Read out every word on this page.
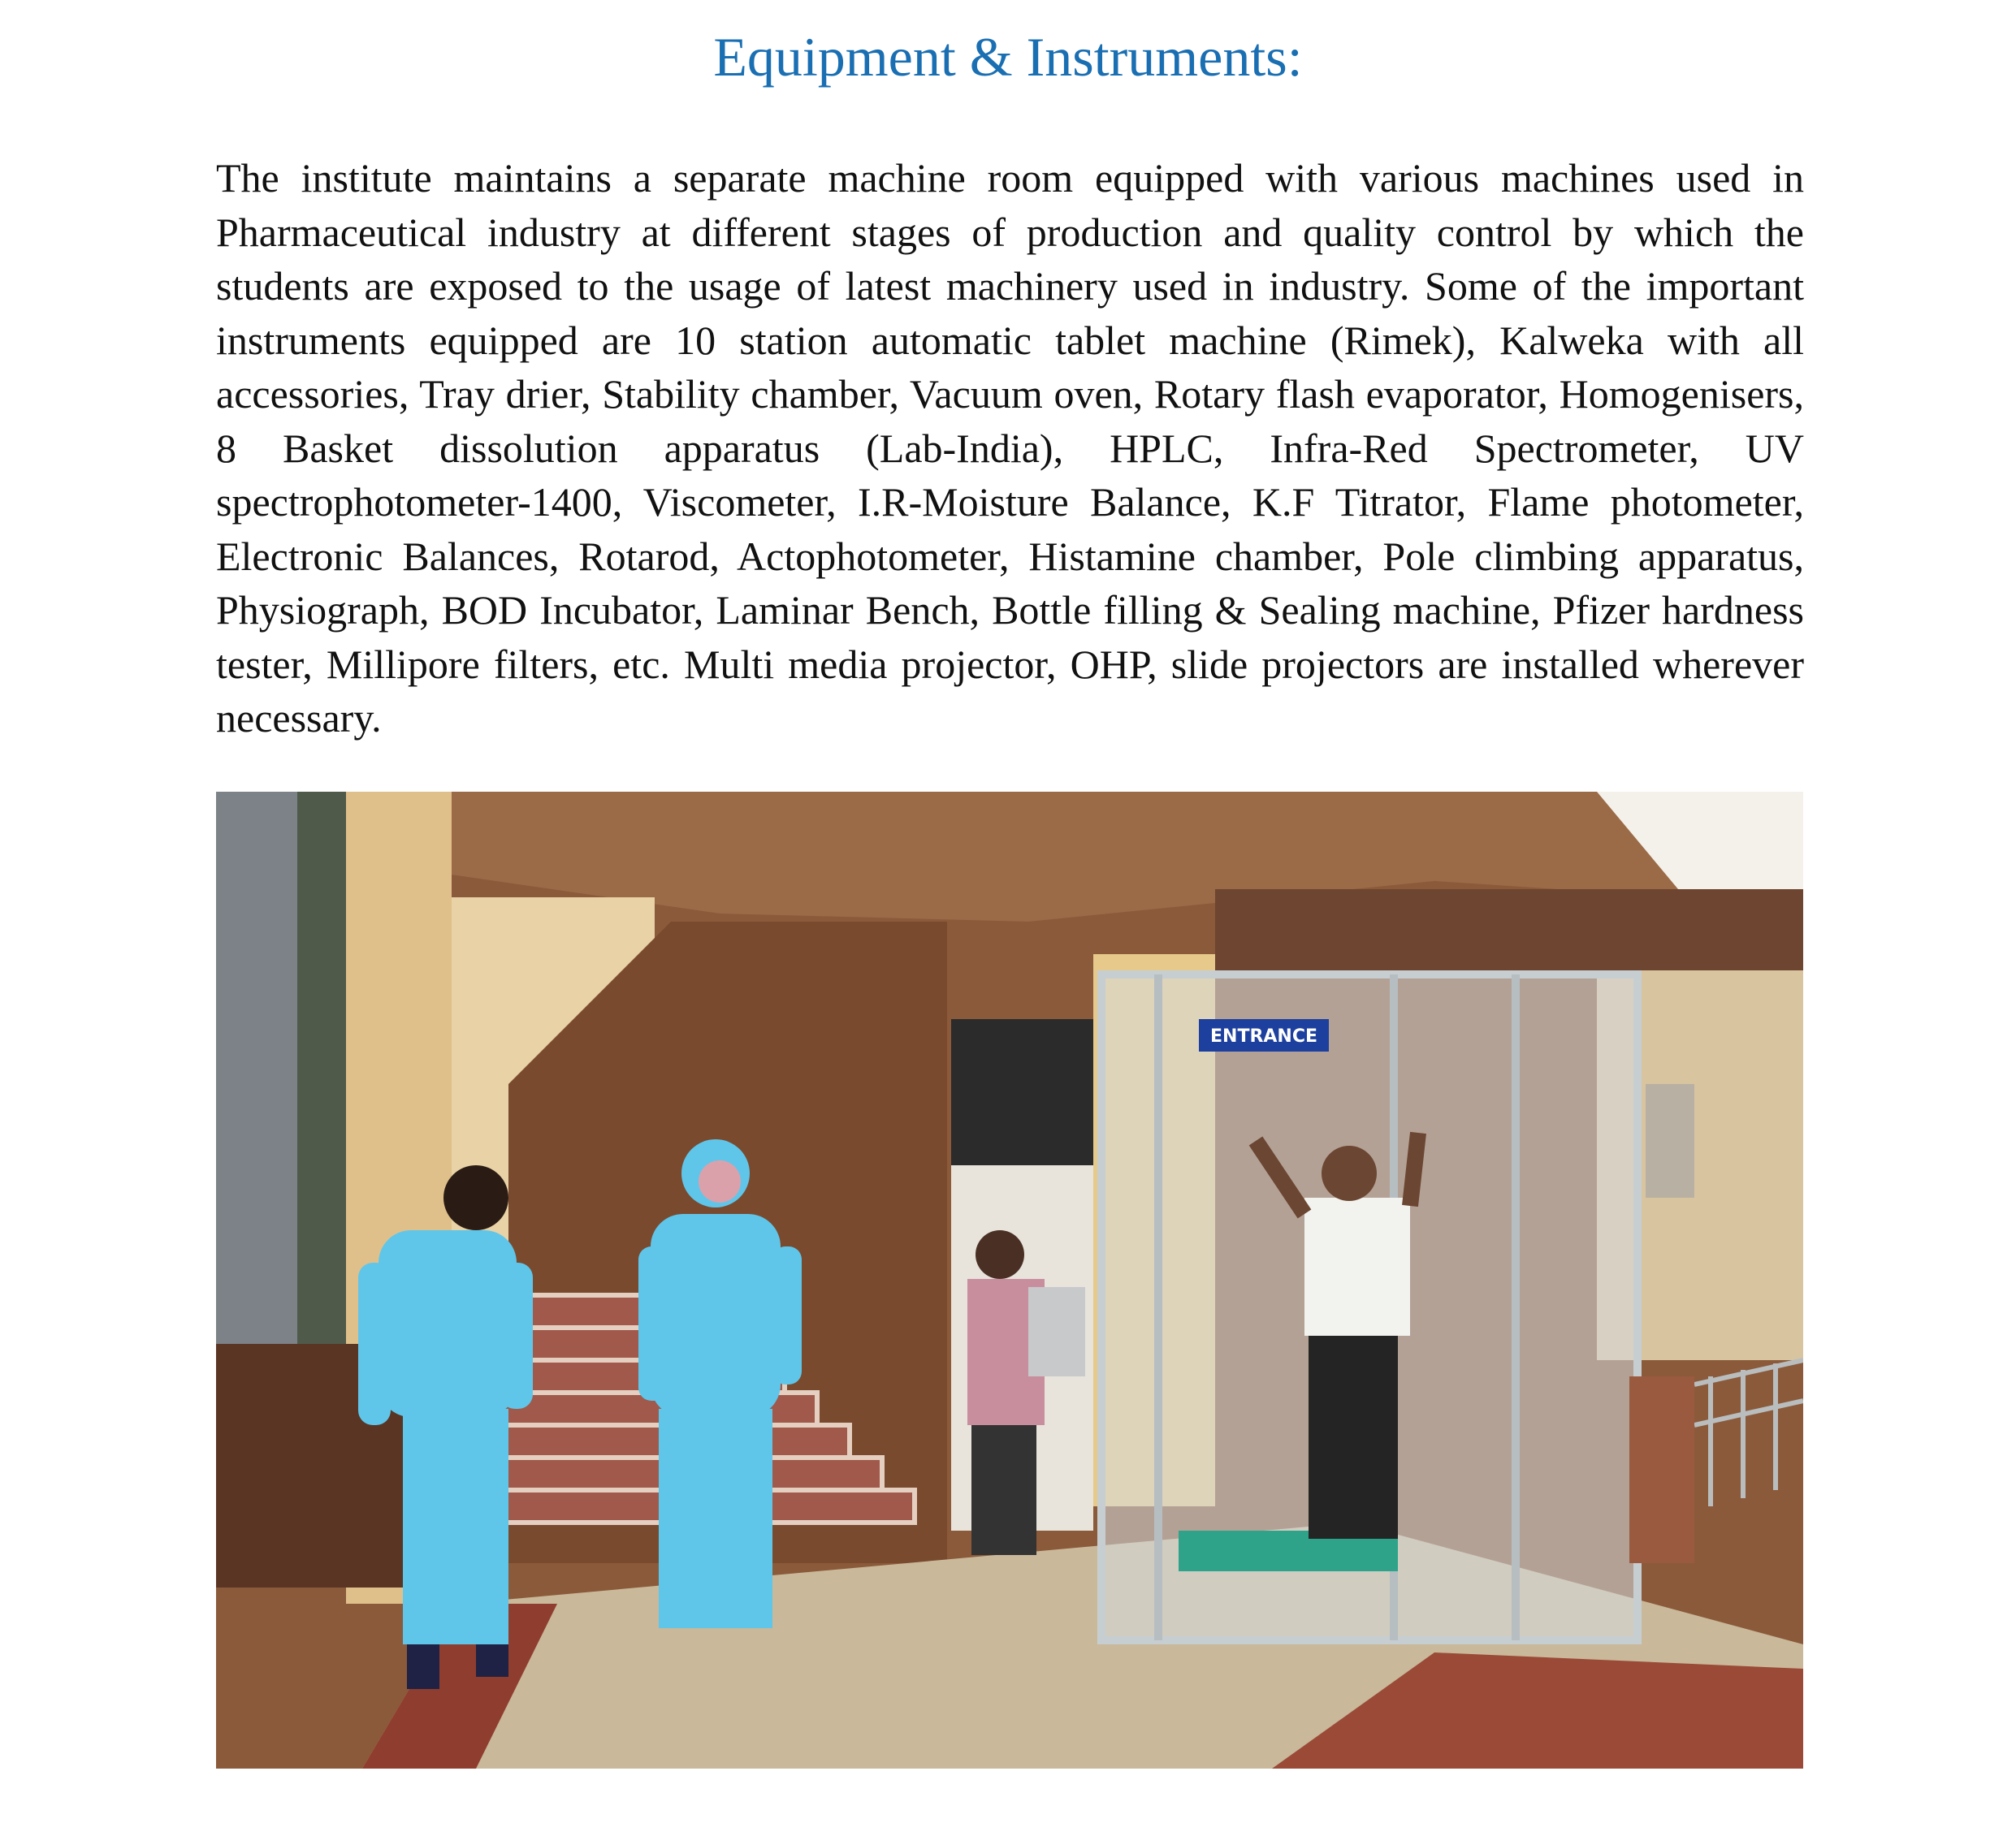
Equipment & Instruments:

The institute maintains a separate machine room equipped with various machines used in Pharmaceutical industry at different stages of production and quality control by which the students are exposed to the usage of latest machinery used in industry. Some of the important instruments equipped are 10 station automatic tablet machine (Rimek), Kalweka with all accessories, Tray drier, Stability chamber, Vacuum oven, Rotary flash evaporator, Homogenisers, 8 Basket dissolution apparatus (Lab-India), HPLC, Infra-Red Spectrometer, UV spectrophotometer-1400, Viscometer, I.R-Moisture Balance, K.F Titrator, Flame photometer, Electronic Balances, Rotarod, Actophotometer, Histamine chamber, Pole climbing apparatus, Physiograph, BOD Incubator, Laminar Bench, Bottle filling & Sealing machine, Pfizer hardness tester, Millipore filters, etc. Multi media projector, OHP, slide projectors are installed wherever necessary.

ENTRANCE
